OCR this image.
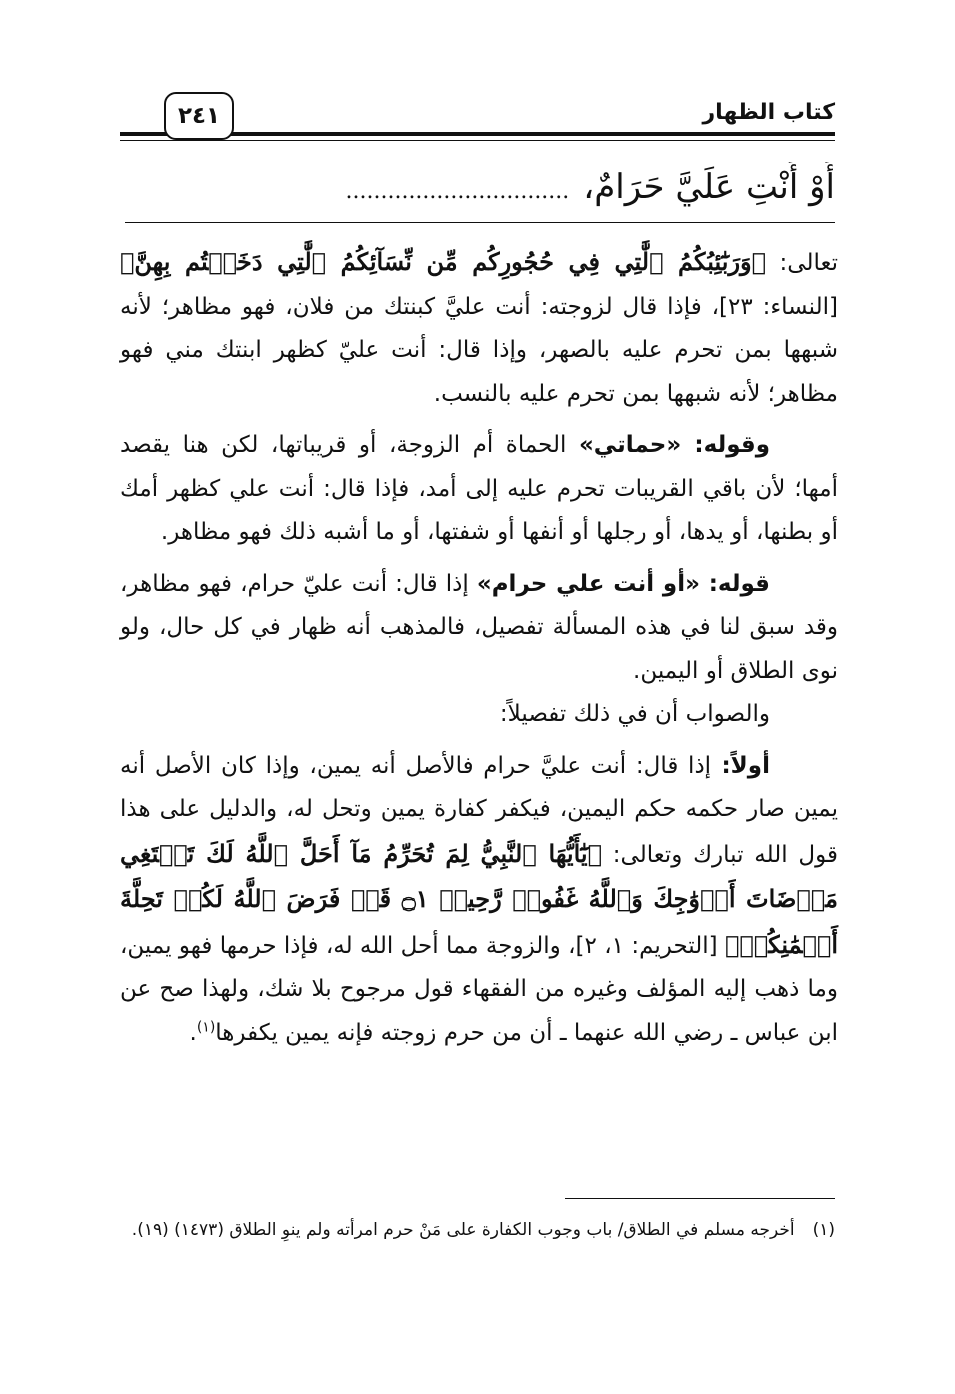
كتاب الظهار
٢٤١
أَوْ أَنْتِ عَلَيَّ حَرَامٌ،................................

تعالى: ﴿وَرَبَٰٓئِبُكُمُ ٱلَّٰتِي فِي حُجُورِكُم مِّن نِّسَآئِكُمُ ٱلَّٰتِي دَخَلۡتُم بِهِنَّ﴾ [النساء: ٢٣]، فإذا قال لزوجته: أنت عليَّ كبنتك من فلان، فهو مظاهر؛ لأنه شبهها بمن تحرم عليه بالصهر، وإذا قال: أنت عليّ كظهر ابنتك مني فهو مظاهر؛ لأنه شبهها بمن تحرم عليه بالنسب.

وقوله: «حماتي» الحماة أم الزوجة، أو قريباتها، لكن هنا يقصد أمها؛ لأن باقي القريبات تحرم عليه إلى أمد، فإذا قال: أنت علي كظهر أمك أو بطنها، أو يدها، أو رجلها أو أنفها أو شفتها، أو ما أشبه ذلك فهو مظاهر.

قوله: «أو أنت علي حرام» إذا قال: أنت عليّ حرام، فهو مظاهر، وقد سبق لنا في هذه المسألة تفصيل، فالمذهب أنه ظهار في كل حال، ولو نوى الطلاق أو اليمين.

والصواب أن في ذلك تفصيلاً:

أولاً: إذا قال: أنت عليَّ حرام فالأصل أنه يمين، وإذا كان الأصل أنه يمين صار حكمه حكم اليمين، فيكفر كفارة يمين وتحل له، والدليل على هذا قول الله تبارك وتعالى: ﴿يَٰٓأَيُّهَا ٱلنَّبِيُّ لِمَ تُحَرِّمُ مَآ أَحَلَّ ٱللَّهُ لَكَ تَبۡتَغِي مَرۡضَاتَ أَزۡوَٰجِكَ وَٱللَّهُ غَفُورٞ رَّحِيمٞ ۝١ قَدۡ فَرَضَ ٱللَّهُ لَكُمۡ تَحِلَّةَ أَيۡمَٰنِكُمۡ﴾ [التحريم: ١، ٢]، والزوجة مما أحل الله له، فإذا حرمها فهو يمين، وما ذهب إليه المؤلف وغيره من الفقهاء قول مرجوح بلا شك، ولهذا صح عن ابن عباس ـ رضي الله عنهما ـ أن من حرم زوجته فإنه يمين يكفرها$^{(١)}$.

(١)أخرجه مسلم في الطلاق/ باب وجوب الكفارة على مَنْ حرم امرأته ولم ينوِ الطلاق (١٤٧٣) (١٩).
